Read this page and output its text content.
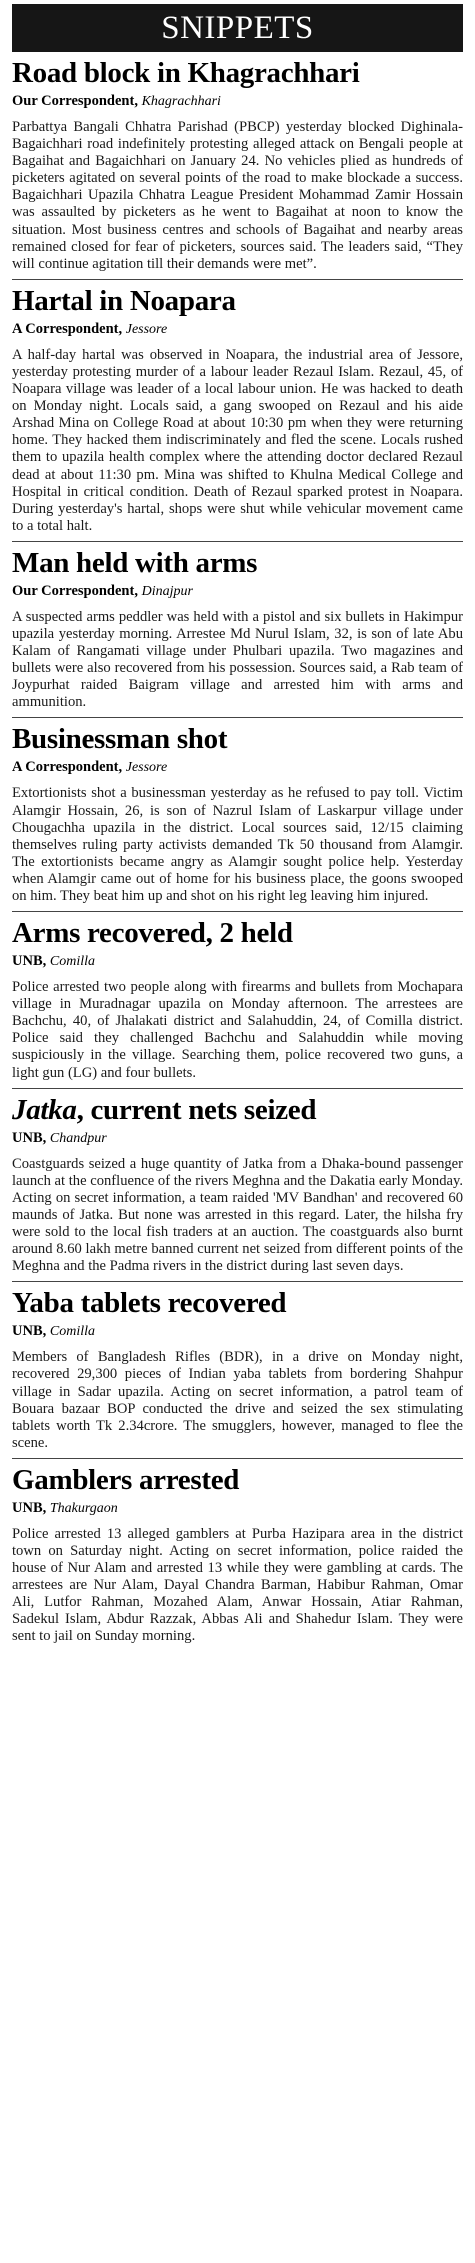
SNIPPETS
Road block in Khagrachhari
Our Correspondent, Khagrachhari

Parbattya Bangali Chhatra Parishad (PBCP) yesterday blocked Dighinala-Bagaichhari road indefinitely protesting alleged attack on Bengali people at Bagaihat and Bagaichhari on January 24. No vehicles plied as hundreds of picketers agitated on several points of the road to make blockade a success. Bagaichhari Upazila Chhatra League President Mohammad Zamir Hossain was assaulted by picketers as he went to Bagaihat at noon to know the situation. Most business centres and schools of Bagaihat and nearby areas remained closed for fear of picketers, sources said. The leaders said, “They will continue agitation till their demands were met”.

Hartal in Noapara
A Correspondent, Jessore

A half-day hartal was observed in Noapara, the industrial area of Jessore, yesterday protesting murder of a labour leader Rezaul Islam. Rezaul, 45, of Noapara village was leader of a local labour union. He was hacked to death on Monday night. Locals said, a gang swooped on Rezaul and his aide Arshad Mina on College Road at about 10:30 pm when they were returning home. They hacked them indiscriminately and fled the scene. Locals rushed them to upazila health complex where the attending doctor declared Rezaul dead at about 11:30 pm. Mina was shifted to Khulna Medical College and Hospital in critical condition. Death of Rezaul sparked protest in Noapara. During yesterday's hartal, shops were shut while vehicular movement came to a total halt.

Man held with arms
Our Correspondent, Dinajpur

A suspected arms peddler was held with a pistol and six bullets in Hakimpur upazila yesterday morning. Arrestee Md Nurul Islam, 32, is son of late Abu Kalam of Rangamati village under Phulbari upazila. Two magazines and bullets were also recovered from his possession. Sources said, a Rab team of Joypurhat raided Baigram village and arrested him with arms and ammunition.

Businessman shot
A Correspondent, Jessore

Extortionists shot a businessman yesterday as he refused to pay toll. Victim Alamgir Hossain, 26, is son of Nazrul Islam of Laskarpur village under Chougachha upazila in the district. Local sources said, 12/15 claiming themselves ruling party activists demanded Tk 50 thousand from Alamgir. The extortionists became angry as Alamgir sought police help. Yesterday when Alamgir came out of home for his business place, the goons swooped on him. They beat him up and shot on his right leg leaving him injured.

Arms recovered, 2 held
UNB, Comilla

Police arrested two people along with firearms and bullets from Mochapara village in Muradnagar upazila on Monday afternoon. The arrestees are Bachchu, 40, of Jhalakati district and Salahuddin, 24, of Comilla district. Police said they challenged Bachchu and Salahuddin while moving suspiciously in the village. Searching them, police recovered two guns, a light gun (LG) and four bullets.

Jatka, current nets seized
UNB, Chandpur

Coastguards seized a huge quantity of Jatka from a Dhaka-bound passenger launch at the confluence of the rivers Meghna and the Dakatia early Monday. Acting on secret information, a team raided 'MV Bandhan' and recovered 60 maunds of Jatka. But none was arrested in this regard. Later, the hilsha fry were sold to the local fish traders at an auction. The coastguards also burnt around 8.60 lakh metre banned current net seized from different points of the Meghna and the Padma rivers in the district during last seven days.

Yaba tablets recovered
UNB, Comilla

Members of Bangladesh Rifles (BDR), in a drive on Monday night, recovered 29,300 pieces of Indian yaba tablets from bordering Shahpur village in Sadar upazila. Acting on secret information, a patrol team of Bouara bazaar BOP conducted the drive and seized the sex stimulating tablets worth Tk 2.34crore. The smugglers, however, managed to flee the scene.

Gamblers arrested
UNB, Thakurgaon

Police arrested 13 alleged gamblers at Purba Hazipara area in the district town on Saturday night. Acting on secret information, police raided the house of Nur Alam and arrested 13 while they were gambling at cards. The arrestees are Nur Alam, Dayal Chandra Barman, Habibur Rahman, Omar Ali, Lutfor Rahman, Mozahed Alam, Anwar Hossain, Atiar Rahman, Sadekul Islam, Abdur Razzak, Abbas Ali and Shahedur Islam. They were sent to jail on Sunday morning.
